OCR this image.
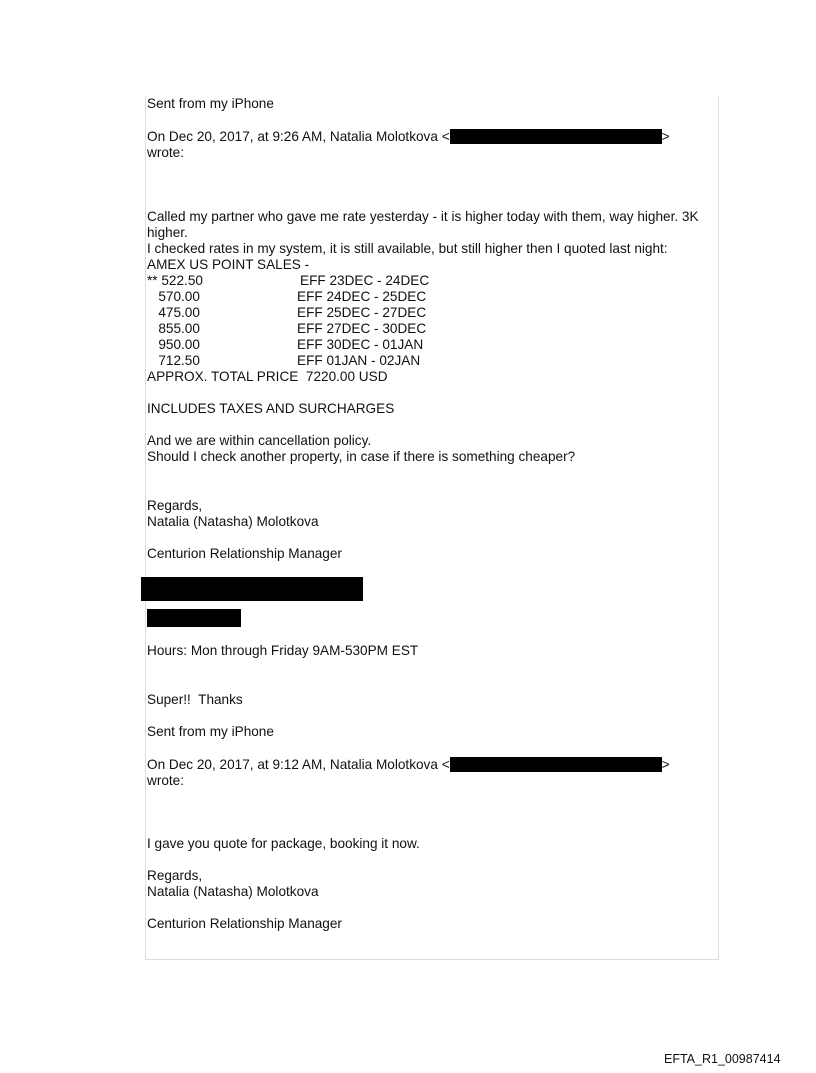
Sent from my iPhone
On Dec 20, 2017, at 9:26 AM, Natalia Molotkova <	>
wrote:
Called my partner who gave me rate yesterday - it is higher today with them, way higher. 3K
higher.
I checked rates in my system, it is still available, but still higher then I quoted last night:
AMEX US POINT SALES -
** 522.50	EFF 23DEC - 24DEC
570.00	EFF 24DEC - 25DEC
475.00	EFF 25DEC - 27DEC
855.00	EFF 27DEC - 30DEC
950.00	EFF 30DEC - 01JAN
712.50	EFF 01JAN - 02JAN
APPROX. TOTAL PRICE  7220.00 USD
INCLUDES TAXES AND SURCHARGES
And we are within cancellation policy.
Should I check another property, in case if there is something cheaper?
Regards,
Natalia (Natasha) Molotkova
Centurion Relationship Manager
Hours: Mon through Friday 9AM-530PM EST
Super!!  Thanks
Sent from my iPhone
On Dec 20, 2017, at 9:12 AM, Natalia Molotkova <	>
wrote:
I gave you quote for package, booking it now.
Regards,
Natalia (Natasha) Molotkova
Centurion Relationship Manager
EFTA_R1_00987414
